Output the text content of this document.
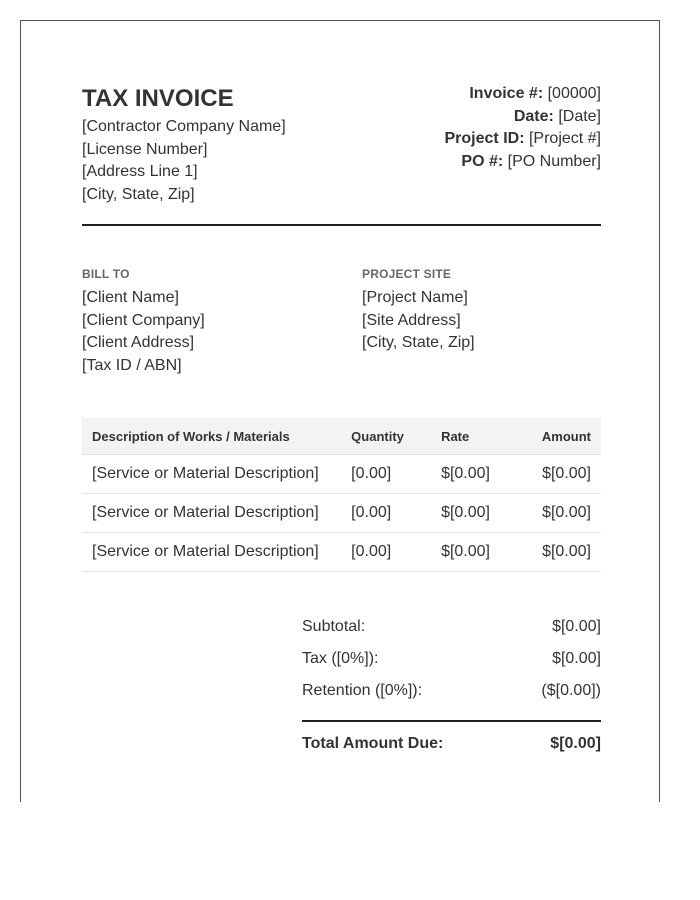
TAX INVOICE
[Contractor Company Name]
[License Number]
[Address Line 1]
[City, State, Zip]
Invoice #: [00000]
Date: [Date]
Project ID: [Project #]
PO #: [PO Number]
BILL TO
[Client Name]
[Client Company]
[Client Address]
[Tax ID / ABN]
PROJECT SITE
[Project Name]
[Site Address]
[City, State, Zip]
Description of Works / Materials	Quantity	Rate	Amount
[Service or Material Description]	[0.00]	$[0.00]	$[0.00]
[Service or Material Description]	[0.00]	$[0.00]	$[0.00]
[Service or Material Description]	[0.00]	$[0.00]	$[0.00]
Subtotal:	$[0.00]
Tax ([0%]):	$[0.00]
Retention ([0%]):	($[0.00])
Total Amount Due:	$[0.00]
